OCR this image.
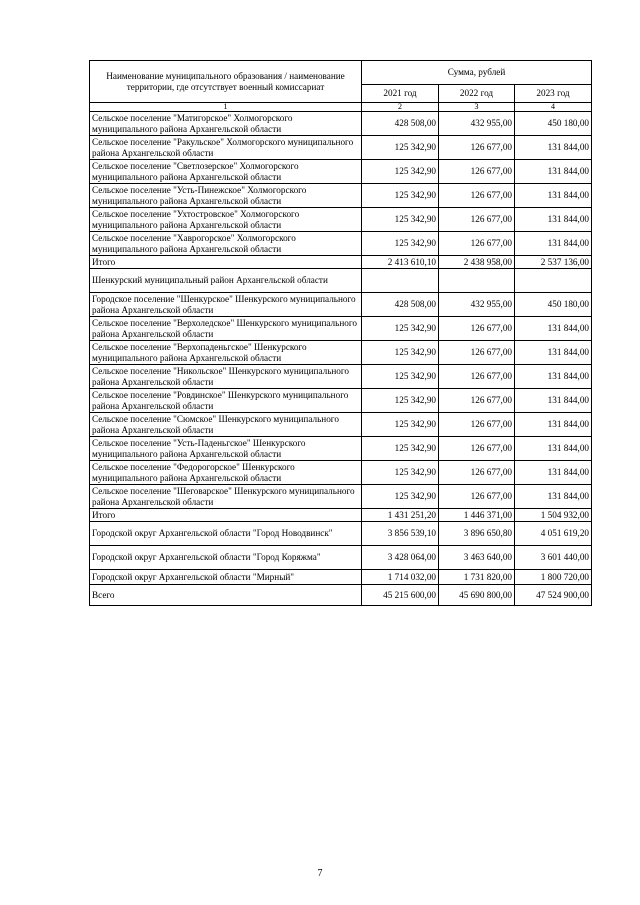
Наименование муниципального образования / наименование территории, где отсутствует военный комиссариат	Сумма, рублей		
	2021 год	2022 год	2023 год
1	2	3	4
Сельское поселение "Матигорское" Холмогорского муниципального района Архангельской области	428 508,00	432 955,00	450 180,00
Сельское поселение "Ракульское" Холмогорского муниципального района Архангельской области	125 342,90	126 677,00	131 844,00
Сельское поселение "Светлозерское" Холмогорского муниципального района Архангельской области	125 342,90	126 677,00	131 844,00
Сельское поселение "Усть-Пинежское" Холмогорского муниципального района Архангельской области	125 342,90	126 677,00	131 844,00
Сельское поселение "Ухтостровское" Холмогорского муниципального района Архангельской области	125 342,90	126 677,00	131 844,00
Сельское поселение "Хаврогорское" Холмогорского муниципального района Архангельской области	125 342,90	126 677,00	131 844,00
Итого	2 413 610,10	2 438 958,00	2 537 136,00
Шенкурский муниципальный район Архангельской области			
Городское поселение "Шенкурское" Шенкурского муниципального района Архангельской области	428 508,00	432 955,00	450 180,00
Сельское поселение "Верхоледское" Шенкурского муниципального района Архангельской области	125 342,90	126 677,00	131 844,00
Сельское поселение "Верхопаденьгское" Шенкурского муниципального района Архангельской области	125 342,90	126 677,00	131 844,00
Сельское поселение "Никольское" Шенкурского муниципального района Архангельской области	125 342,90	126 677,00	131 844,00
Сельское поселение "Ровдинское" Шенкурского муниципального района Архангельской области	125 342,90	126 677,00	131 844,00
Сельское поселение "Сюмское" Шенкурского муниципального района Архангельской области	125 342,90	126 677,00	131 844,00
Сельское поселение "Усть-Паденьгское" Шенкурского муниципального района Архангельской области	125 342,90	126 677,00	131 844,00
Сельское поселение "Федорогорское" Шенкурского муниципального района Архангельской области	125 342,90	126 677,00	131 844,00
Сельское поселение "Шеговарское" Шенкурского муниципального района Архангельской области	125 342,90	126 677,00	131 844,00
Итого	1 431 251,20	1 446 371,00	1 504 932,00
Городской округ Архангельской области "Город Новодвинск"	3 856 539,10	3 896 650,80	4 051 619,20
Городской округ Архангельской области "Город Коряжма"	3 428 064,00	3 463 640,00	3 601 440,00
Городской округ Архангельской области "Мирный"	1 714 032,00	1 731 820,00	1 800 720,00
Всего	45 215 600,00	45 690 800,00	47 524 900,00
7
